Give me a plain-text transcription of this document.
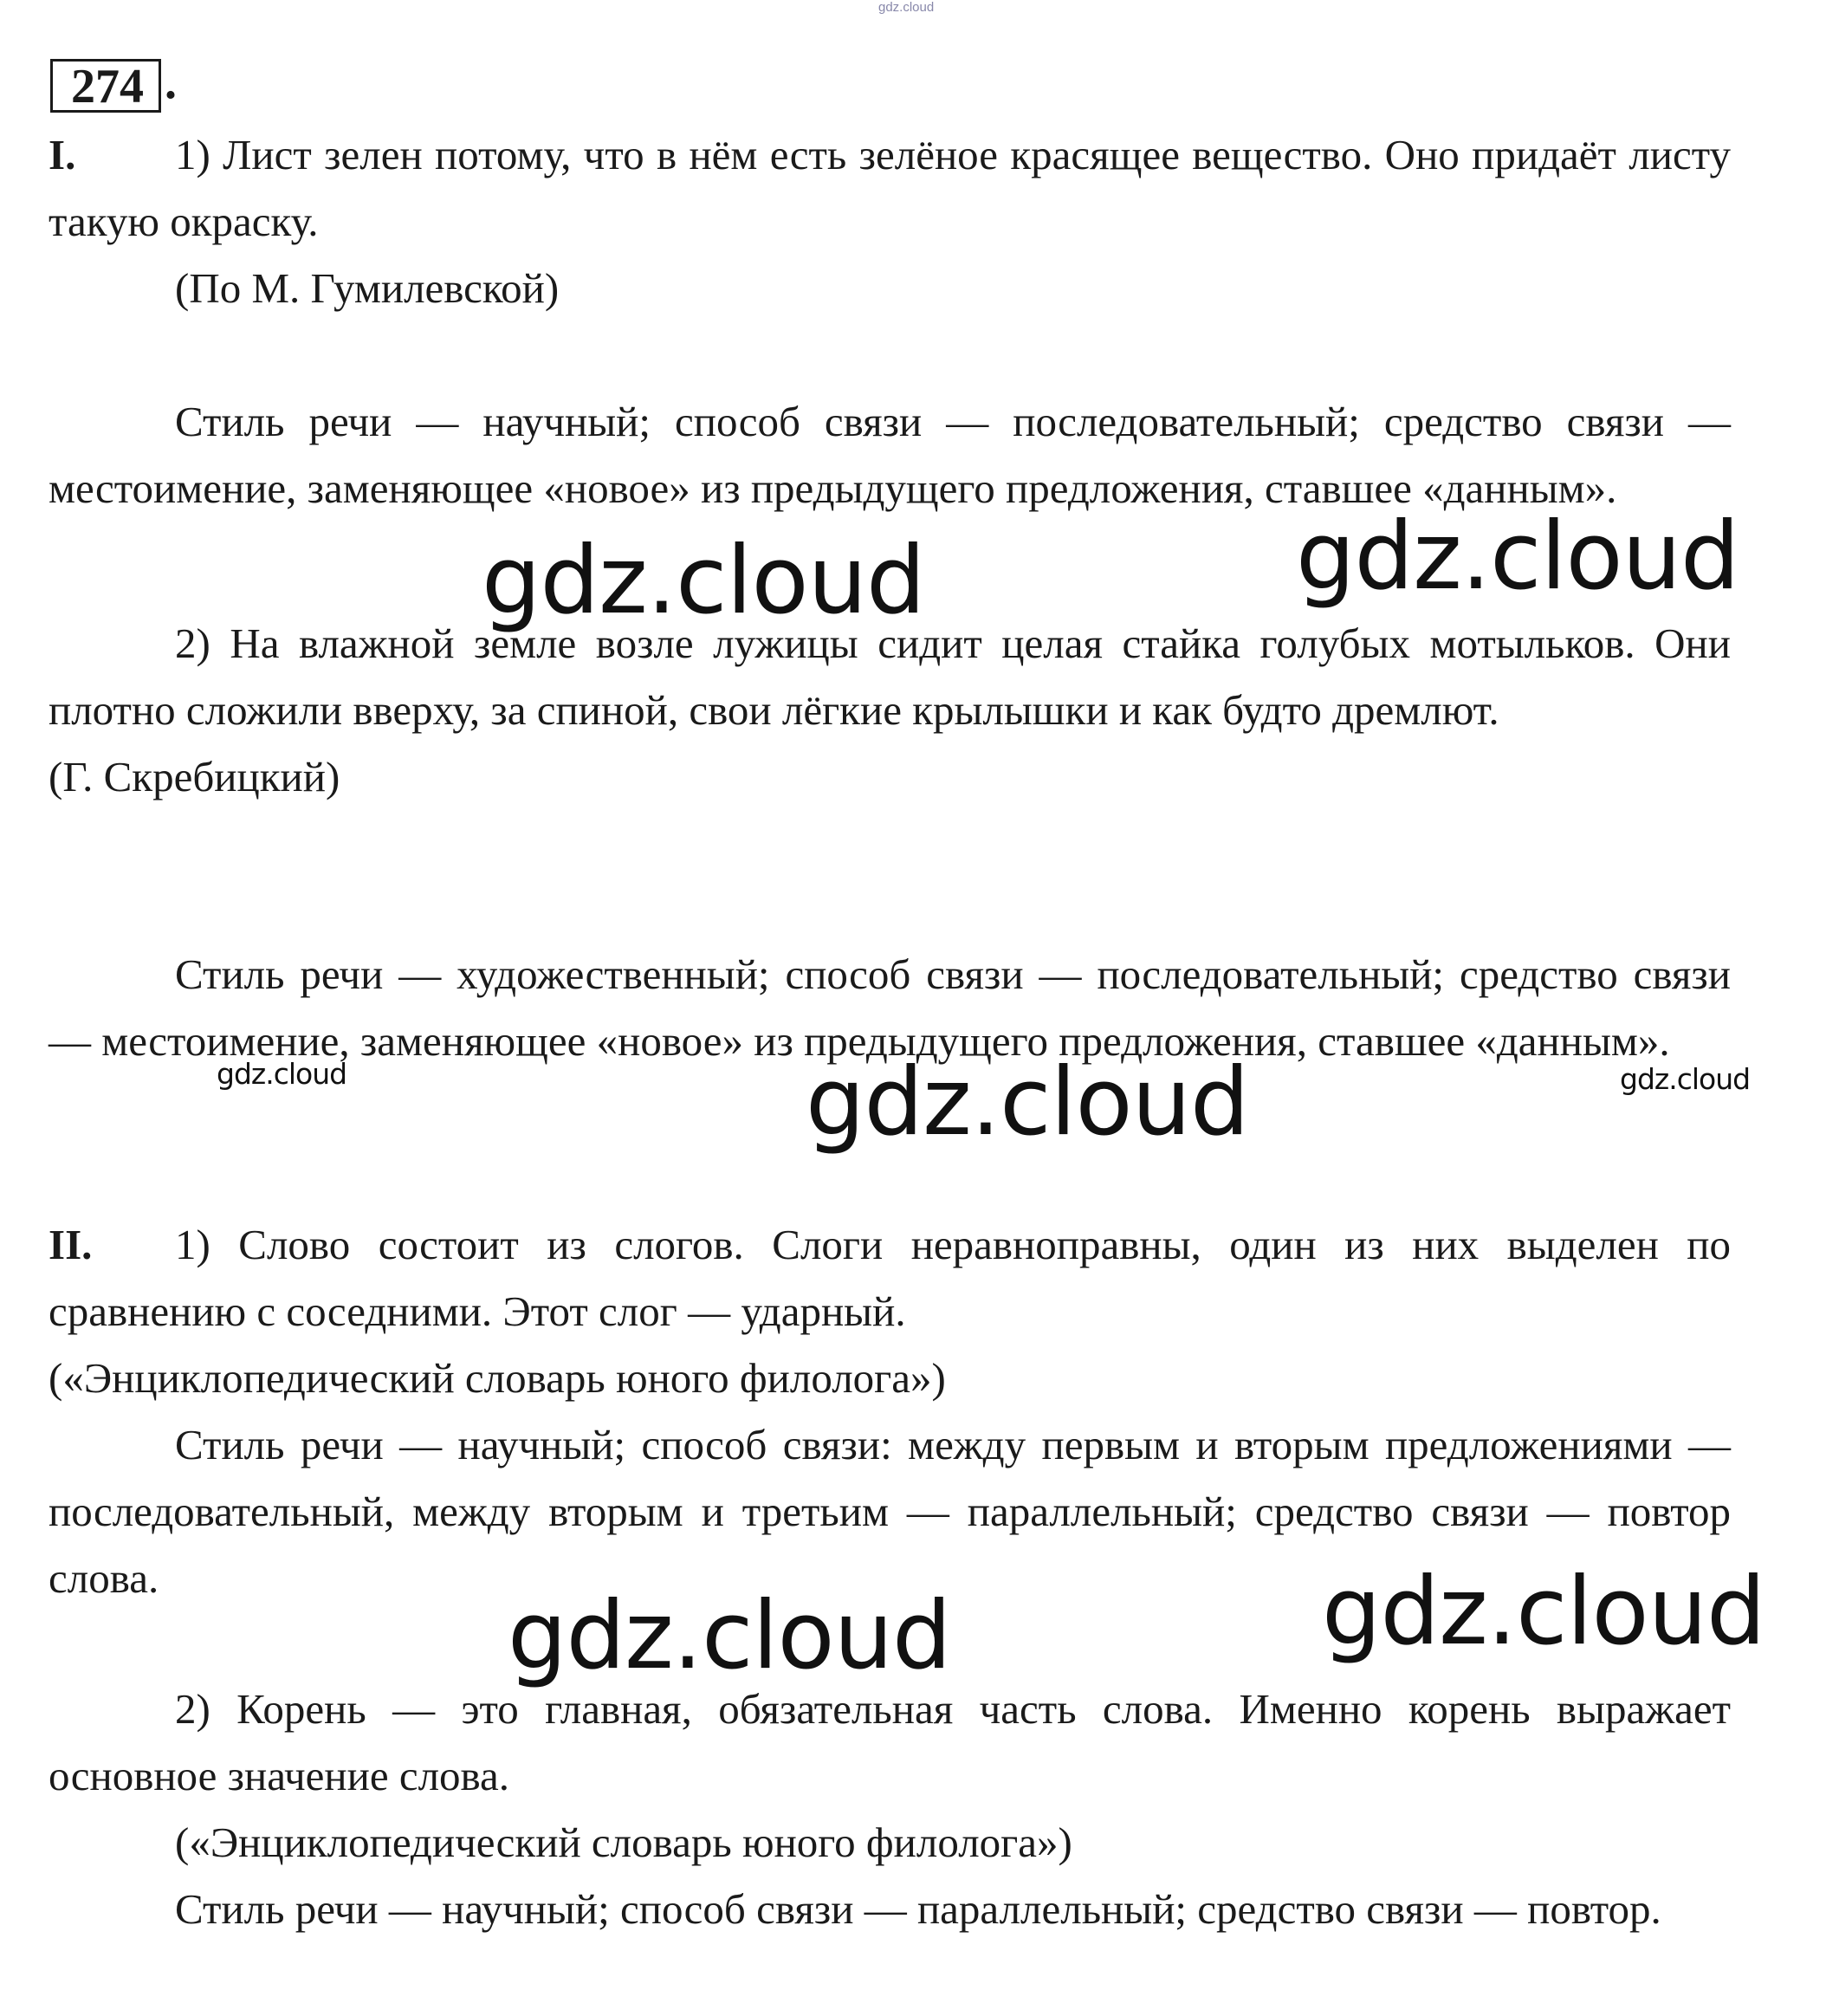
gdz.cloud
274 .

I. 1) Лист зелен потому, что в нём есть зелёное красящее вещество. Оно придаёт листу такую окраску.

(По М. Гумилевской)

Стиль речи — научный; способ связи — последовательный; средство связи — местоимение, заменяющее «новое» из предыдущего предложения, ставшее «данным».

2) На влажной земле возле лужицы сидит целая стайка голубых мотыльков. Они плотно сложили вверху, за спиной, свои лёгкие крылышки и как будто дремлют.

(Г. Скребицкий)

Стиль речи — художественный; способ связи — последовательный; средство связи — местоимение, заменяющее «новое» из предыдущего предложения, ставшее «данным».

II. 1) Слово состоит из слогов. Слоги неравноправны, один из них выделен по сравнению с соседними. Этот слог — ударный.

(«Энциклопедический словарь юного филолога»)

Стиль речи — научный; способ связи: между первым и вторым предложениями — последовательный, между вторым и третьим — параллельный; средство связи — повтор слова.

2) Корень — это главная, обязательная часть слова. Именно корень выражает основное значение слова.

(«Энциклопедический словарь юного филолога»)

Стиль речи — научный; способ связи — параллельный; средство связи — повтор.

gdz.cloud	gdz.cloud
gdz.cloud	gdz.cloud
gdz.cloud
gdz.cloud	gdz.cloud
